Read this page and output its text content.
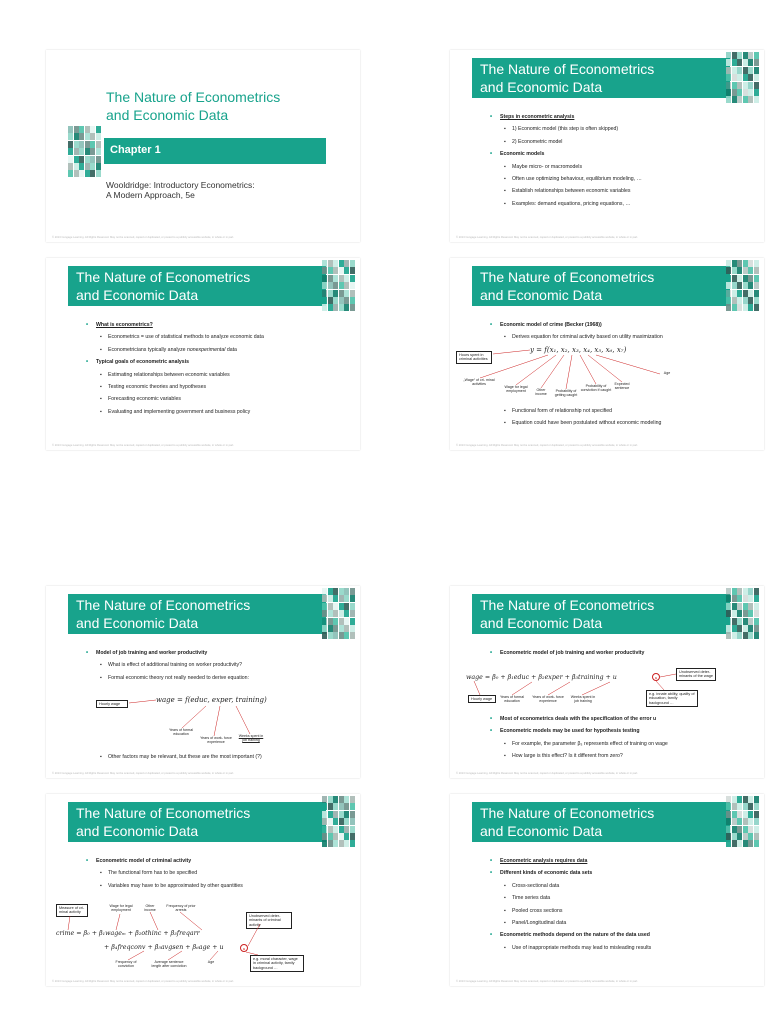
The Nature of Econometrics
and Economic Data
Chapter 1
Wooldridge: Introductory Econometrics:
A Modern Approach, 5e
© 2013 Cengage Learning. All Rights Reserved. May not be scanned, copied or duplicated, or posted to a publicly accessible website, in whole or in part.
The Nature of Econometrics
and Economic Data
• Steps in econometric analysis
▪ 1) Economic model (this step is often skipped)
▪ 2) Econometric model
• Economic models
▪ Maybe micro- or macromodels
▪ Often use optimizing behaviour, equilibrium modeling, …
▪ Establish relationships between economic variables
▪ Examples: demand equations, pricing equations, …
© 2013 Cengage Learning. All Rights Reserved. May not be scanned, copied or duplicated, or posted to a publicly accessible website, in whole or in part.
The Nature of Econometrics
and Economic Data
• What is econometrics?
▪ Econometrics = use of statistical methods to analyze economic data
▪ Econometricians typically analyze nonexperimental data
• Typical goals of econometric analysis
▪ Estimating relationships between economic variables
▪ Testing economic theories and hypotheses
▪ Forecasting economic variables
▪ Evaluating and implementing government and business policy
© 2013 Cengage Learning. All Rights Reserved. May not be scanned, copied or duplicated, or posted to a publicly accessible website, in whole or in part.
The Nature of Econometrics
and Economic Data
• Economic model of crime (Becker (1968))
▪ Derives equation for criminal activity based on utility maximization
y = f(x₁, x₂, x₃, x₄, x₅, x₆, x₇)
Hours spent in criminal activities
„Wage“ of cri- minal activities
Wage for legal employment	Other income
Probability of getting caught
Probability of conviction if caught
Expected sentence
Age
▪ Functional form of relationship not specified
▪ Equation could have been postulated without economic modeling
© 2013 Cengage Learning. All Rights Reserved. May not be scanned, copied or duplicated, or posted to a publicly accessible website, in whole or in part.
The Nature of Econometrics
and Economic Data
• Model of job training and worker productivity
▪ What is effect of additional training on worker productivity?
▪ Formal economic theory not really needed to derive equation:
Hourly wage	wage = f(educ, exper, training)
Years of formal education
Years of work- force experience
Weeks spent in job training
▪ Other factors may be relevant, but these are the most important (?)
© 2013 Cengage Learning. All Rights Reserved. May not be scanned, copied or duplicated, or posted to a publicly accessible website, in whole or in part.
The Nature of Econometrics
and Economic Data
• Econometric model of job training and worker productivity
wage = β₀ + β₁educ + β₂exper + β₃training + u	u
Unobserved deter- minants of the wage
Hourly wage	Years of formal education
Years of work- force experience
Weeks spent in job training
e.g. innate ability, quality of education, family background …
• Most of econometrics deals with the specification of the error u
• Econometric models may be used for hypothesis testing
▪ For example, the parameter β₃ represents effect of training on wage
▪ How large is this effect? Is it different from zero?
© 2013 Cengage Learning. All Rights Reserved. May not be scanned, copied or duplicated, or posted to a publicly accessible website, in whole or in part.
The Nature of Econometrics
and Economic Data
• Econometric model of criminal activity
▪ The functional form has to be specified
▪ Variables may have to be approximated by other quantities
Measure of cri- minal activity
Wage for legal employment
Other income
Frequency of prior arrests
Unobserved deter- minants of criminal activity
crime = β₀ + β₁wageₘ + β₂othinc + β₃freqarr
+ β₄freqconv + β₅avgsen + β₆age + u	u
Frequency of conviction
Average sentence length after conviction
Age
e.g. moral character, wage in criminal activity, family background …
© 2013 Cengage Learning. All Rights Reserved. May not be scanned, copied or duplicated, or posted to a publicly accessible website, in whole or in part.
The Nature of Econometrics
and Economic Data
• Econometric analysis requires data
• Different kinds of economic data sets
▪ Cross-sectional data
▪ Time series data
▪ Pooled cross sections
▪ Panel/Longitudinal data
• Econometric methods depend on the nature of the data used
▪ Use of inappropriate methods may lead to misleading results
© 2013 Cengage Learning. All Rights Reserved. May not be scanned, copied or duplicated, or posted to a publicly accessible website, in whole or in part.
